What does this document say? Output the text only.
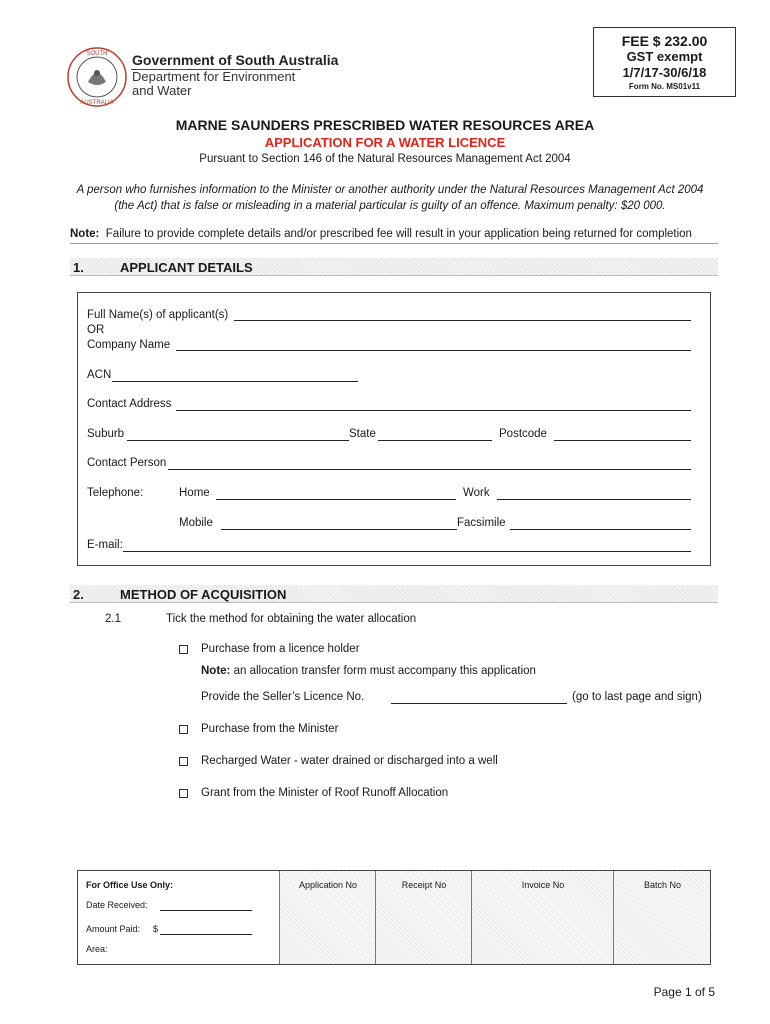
SOUTH
AUSTRALIA
Government of South Australia
Department for Environment
and Water
FEE $ 232.00
GST exempt
1/7/17-30/6/18
Form No. MS01v11
MARNE SAUNDERS PRESCRIBED WATER RESOURCES AREA
APPLICATION FOR A WATER LICENCE
Pursuant to Section 146 of the Natural Resources Management Act 2004
A person who furnishes information to the Minister or another authority under the Natural Resources Management Act 2004 (the Act) that is false or misleading in a material particular is guilty of an offence. Maximum penalty: $20 000.
Note: Failure to provide complete details and/or prescribed fee will result in your application being returned for completion
1.	APPLICANT DETAILS
Full Name(s) of applicant(s)
OR
Company Name
ACN
Contact Address
Suburb	State	Postcode
Contact Person
Telephone:	Home	Work
Mobile	Facsimile
E-mail:
2.	METHOD OF ACQUISITION
2.1	Tick the method for obtaining the water allocation
Purchase from a licence holder
Note: an allocation transfer form must accompany this application
Provide the Seller’s Licence No.	(go to last page and sign)
Purchase from the Minister
Recharged Water - water drained or discharged into a well
Grant from the Minister of Roof Runoff Allocation
For Office Use Only:
Date Received:
Amount Paid: $
Area:
Application No	Receipt No	Invoice No	Batch No
Page 1 of 5
